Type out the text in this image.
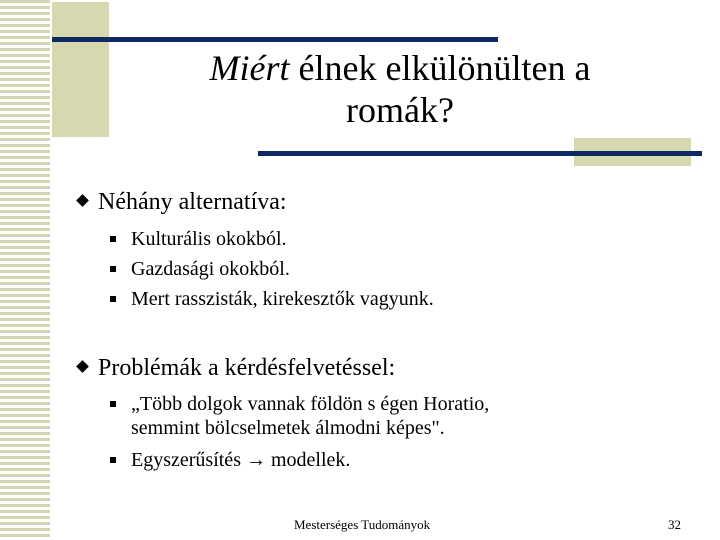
Miért élnek elkülönülten a
romák?
Néhány alternatíva:
Kulturális okokból.
Gazdasági okokból.
Mert rasszisták, kirekesztők vagyunk.
Problémák a kérdésfelvetéssel:
„Több dolgok vannak földön s égen Horatio,
semmint bölcselmetek álmodni képes".
Egyszerűsítés → modellek.
Mesterséges Tudományok	32
